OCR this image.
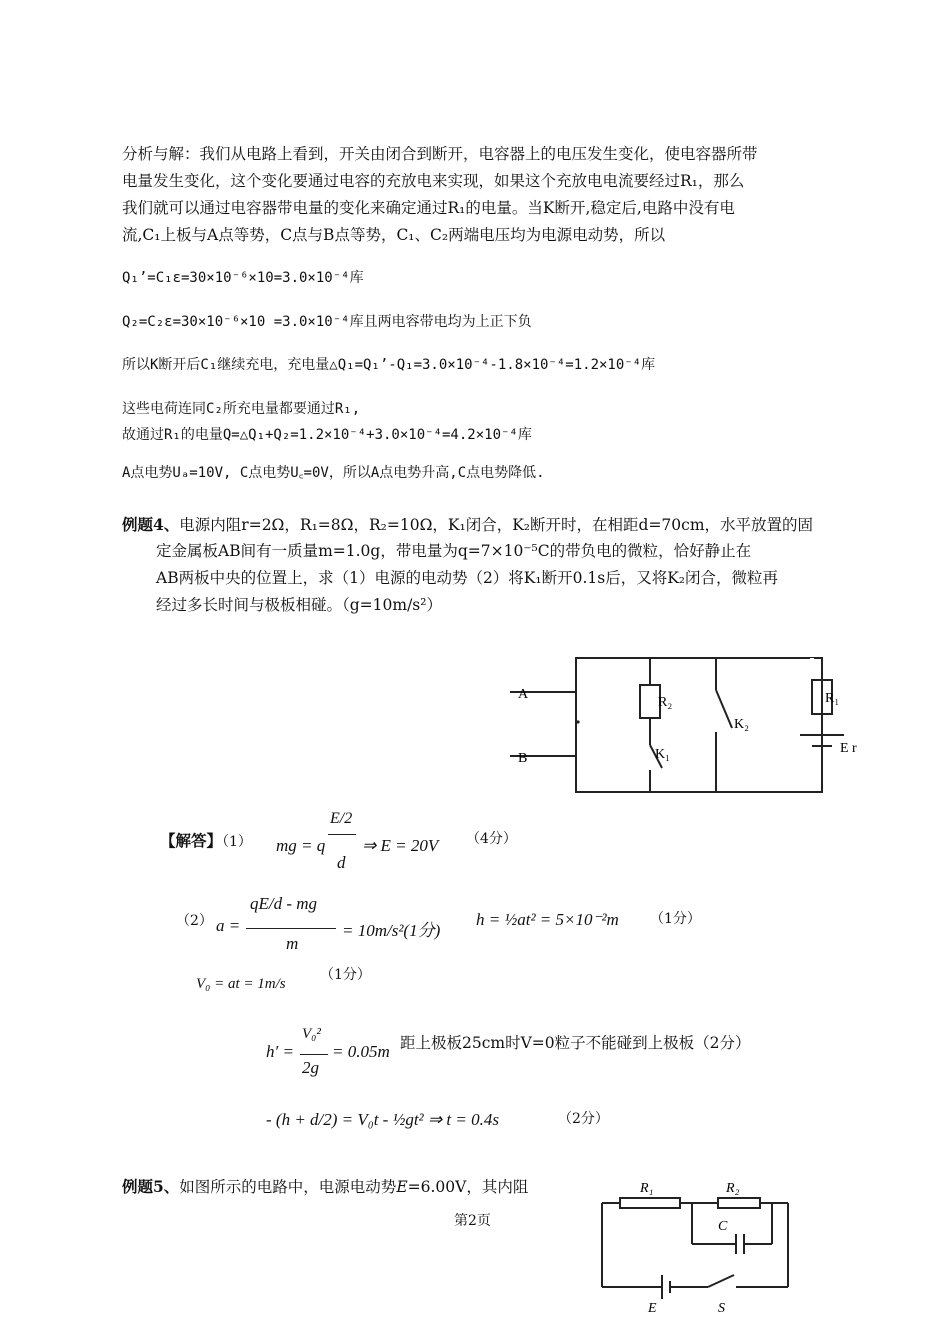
分析与解：我们从电路上看到，开关由闭合到断开，电容器上的电压发生变化，使电容器所带
电量发生变化，这个变化要通过电容的充放电来实现，如果这个充放电电流要经过R₁，那么
我们就可以通过电容器带电量的变化来确定通过R₁的电量。当K断开,稳定后,电路中没有电
流,C₁上板与A点等势，C点与B点等势，C₁、C₂两端电压均为电源电动势，所以
Q₁’=C₁ε=30×10⁻⁶×10=3.0×10⁻⁴库
Q₂=C₂ε=30×10⁻⁶×10 =3.0×10⁻⁴库且两电容带电均为上正下负
所以K断开后C₁继续充电，充电量△Q₁=Q₁’-Q₁=3.0×10⁻⁴-1.8×10⁻⁴=1.2×10⁻⁴库
这些电荷连同C₂所充电量都要通过R₁,
故通过R₁的电量Q=△Q₁+Q₂=1.2×10⁻⁴+3.0×10⁻⁴=4.2×10⁻⁴库
A点电势Uₐ=10V, C点电势U꜀=0V，所以A点电势升高,C点电势降低.
例题4、电源内阻r=2Ω，R₁=8Ω，R₂=10Ω，K₁闭合，K₂断开时，在相距d=70cm，水平放置的固
定金属板AB间有一质量m=1.0g，带电量为q=7×10⁻⁵C的带负电的微粒，恰好静止在
AB两板中央的位置上，求（1）电源的电动势（2）将K₁断开0.1s后，又将K₂闭合，微粒再
经过多长时间与极板相碰。（g=10m/s²）
A
B
R₂
K₁
K₂
R₁
E r
【解答】（1） mg = q
E/2
d
⇒ E = 20V （4分）
（2） a =
qE/d - mg
m
= 10m/s²(1分)
h = ½at² = 5×10⁻²m （1分）
V₀ = at = 1m/s
（1分）
h′ =
V₀²
2g
= 0.05m 距上极板25cm时V=0粒子不能碰到上极板（2分）
- (h + d/2) = V₀t - ½gt² ⇒ t = 0.4s	（2分）
例题5、如图所示的电路中，电源电动势E=6.00V，其内阻	R₁	R₂
C
E	S
第2页
